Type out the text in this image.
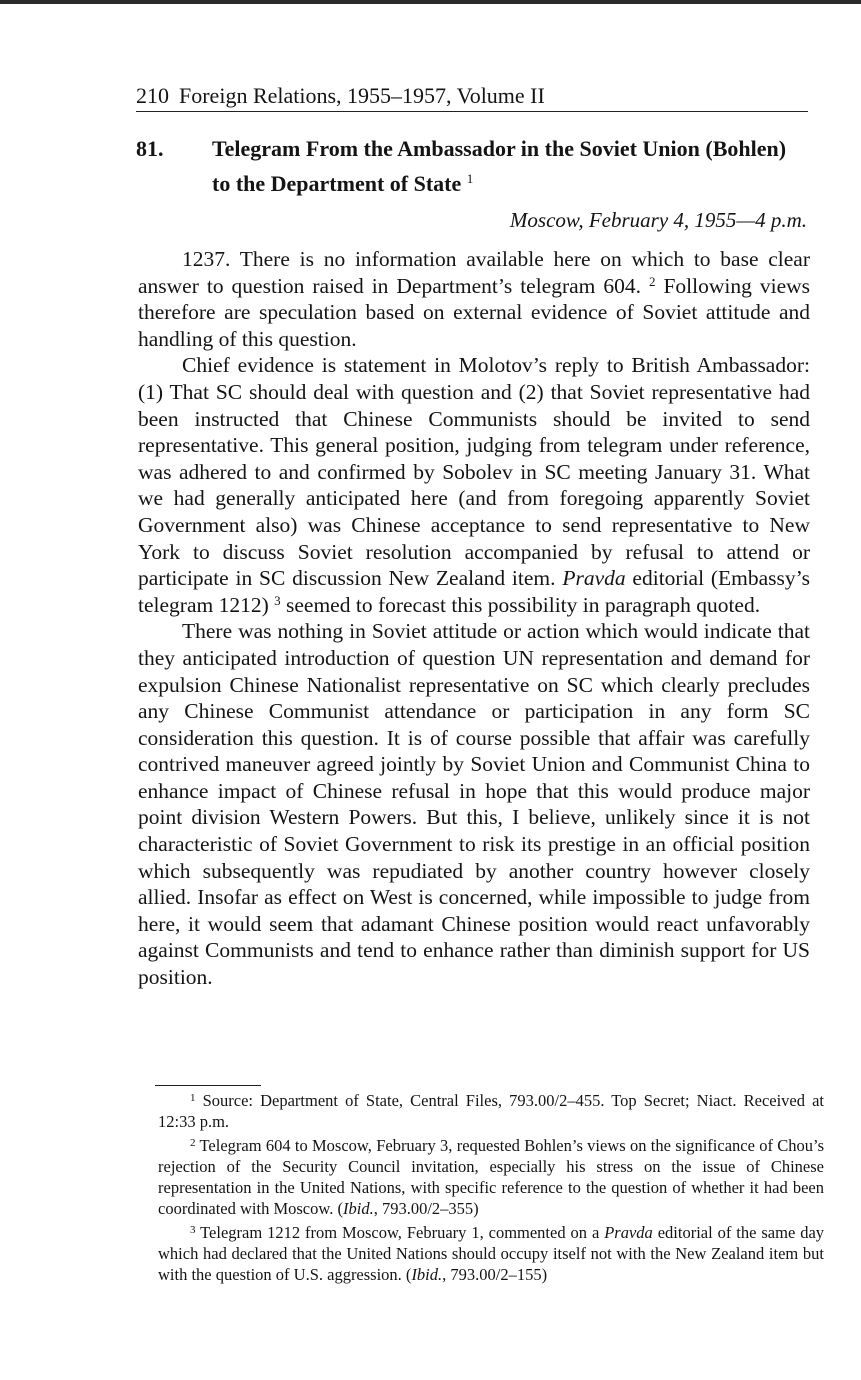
210 Foreign Relations, 1955–1957, Volume II
81. Telegram From the Ambassador in the Soviet Union (Bohlen) to the Department of State $^1$
Moscow, February 4, 1955—4 p.m.

1237. There is no information available here on which to base clear answer to question raised in Department’s telegram 604. $^2$ Following views therefore are speculation based on external evidence of Soviet attitude and handling of this question.

Chief evidence is statement in Molotov’s reply to British Ambassador: (1) That SC should deal with question and (2) that Soviet representative had been instructed that Chinese Communists should be invited to send representative. This general position, judging from telegram under reference, was adhered to and confirmed by Sobolev in SC meeting January 31. What we had generally anticipated here (and from foregoing apparently Soviet Government also) was Chinese acceptance to send representative to New York to discuss Soviet resolution accompanied by refusal to attend or participate in SC discussion New Zealand item. Pravda editorial (Embassy’s telegram 1212) $^3$ seemed to forecast this possibility in paragraph quoted.

There was nothing in Soviet attitude or action which would indicate that they anticipated introduction of question UN representation and demand for expulsion Chinese Nationalist representative on SC which clearly precludes any Chinese Communist attendance or participation in any form SC consideration this question. It is of course possible that affair was carefully contrived maneuver agreed jointly by Soviet Union and Communist China to enhance impact of Chinese refusal in hope that this would produce major point division Western Powers. But this, I believe, unlikely since it is not characteristic of Soviet Government to risk its prestige in an official position which subsequently was repudiated by another country however closely allied. Insofar as effect on West is concerned, while impossible to judge from here, it would seem that adamant Chinese position would react unfavorably against Communists and tend to enhance rather than diminish support for US position.

$^1$ Source: Department of State, Central Files, 793.00/2–455. Top Secret; Niact. Received at 12:33 p.m.

$^2$ Telegram 604 to Moscow, February 3, requested Bohlen’s views on the significance of Chou’s rejection of the Security Council invitation, especially his stress on the issue of Chinese representation in the United Nations, with specific reference to the question of whether it had been coordinated with Moscow. (Ibid., 793.00/2–355)

$^3$ Telegram 1212 from Moscow, February 1, commented on a Pravda editorial of the same day which had declared that the United Nations should occupy itself not with the New Zealand item but with the question of U.S. aggression. (Ibid., 793.00/2–155)
